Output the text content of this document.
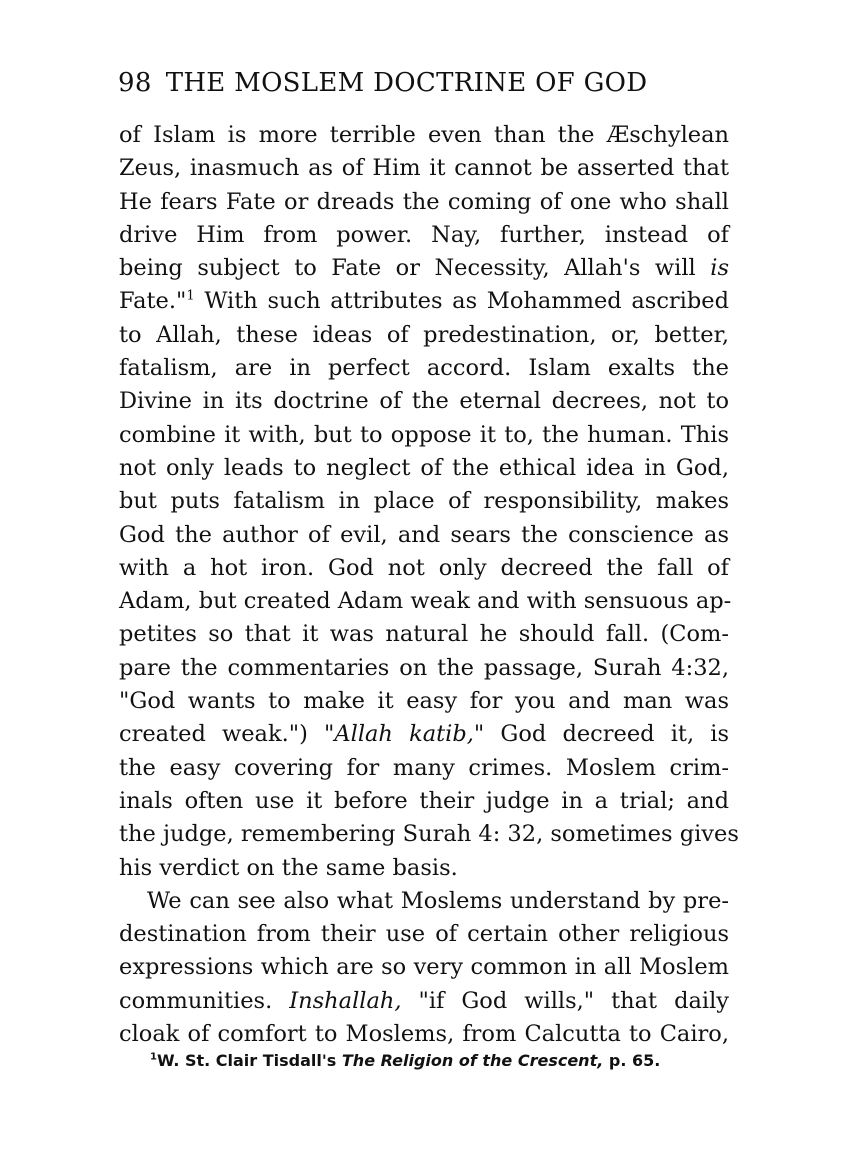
98 THE MOSLEM DOCTRINE OF GOD
of Islam is more terrible even than the Æschylean
Zeus, inasmuch as of Him it cannot be asserted that
He fears Fate or dreads the coming of one who shall
drive Him from power. Nay, further, instead of
being subject to Fate or Necessity, Allah's will is
Fate."$^1$ With such attributes as Mohammed ascribed
to Allah, these ideas of predestination, or, better,
fatalism, are in perfect accord. Islam exalts the
Divine in its doctrine of the eternal decrees, not to
combine it with, but to oppose it to, the human. This
not only leads to neglect of the ethical idea in God,
but puts fatalism in place of responsibility, makes
God the author of evil, and sears the conscience as
with a hot iron. God not only decreed the fall of
Adam, but created Adam weak and with sensuous ap-
petites so that it was natural he should fall. (Com-
pare the commentaries on the passage, Surah 4:32,
"God wants to make it easy for you and man was
created weak.") "Allah katib," God decreed it, is
the easy covering for many crimes. Moslem crim-
inals often use it before their judge in a trial; and
the judge, remembering Surah 4: 32, sometimes gives
his verdict on the same basis.
We can see also what Moslems understand by pre-
destination from their use of certain other religious
expressions which are so very common in all Moslem
communities. Inshallah, "if God wills," that daily
cloak of comfort to Moslems, from Calcutta to Cairo,
$^1$W. St. Clair Tisdall's The Religion of the Crescent, p. 65.
